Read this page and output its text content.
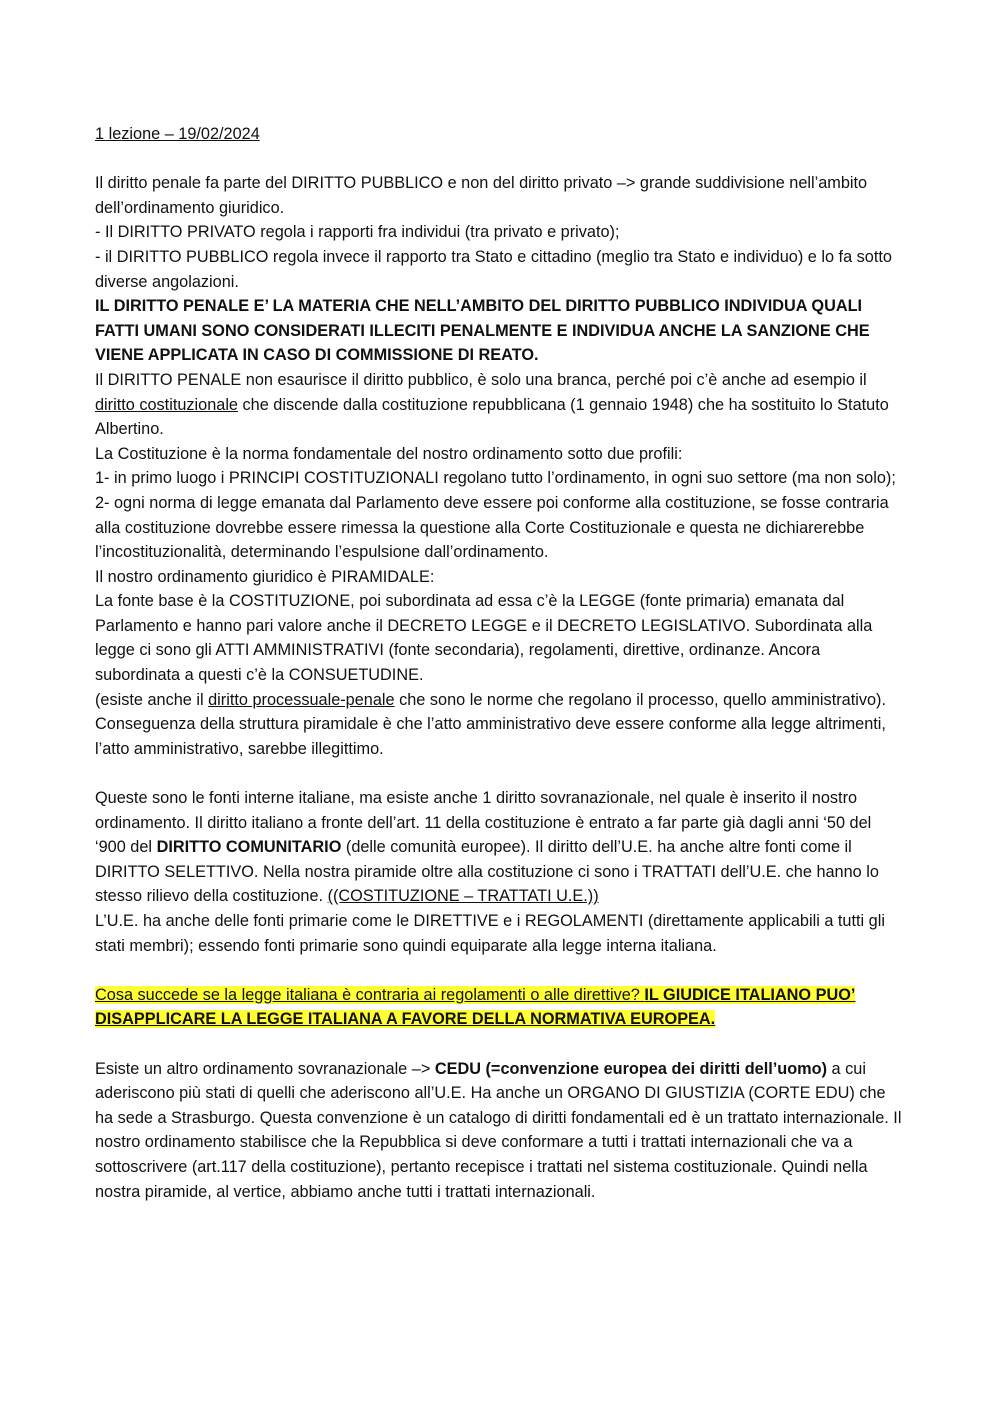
1 lezione – 19/02/2024

Il diritto penale fa parte del DIRITTO PUBBLICO e non del diritto privato –> grande suddivisione nell’ambito dell’ordinamento giuridico.

- Il DIRITTO PRIVATO regola i rapporti fra individui (tra privato e privato);

- il DIRITTO PUBBLICO regola invece il rapporto tra Stato e cittadino (meglio tra Stato e individuo) e lo fa sotto diverse angolazioni.

IL DIRITTO PENALE E’ LA MATERIA CHE NELL’AMBITO DEL DIRITTO PUBBLICO INDIVIDUA QUALI FATTI UMANI SONO CONSIDERATI ILLECITI PENALMENTE E INDIVIDUA ANCHE LA SANZIONE CHE VIENE APPLICATA IN CASO DI COMMISSIONE DI REATO.

Il DIRITTO PENALE non esaurisce il diritto pubblico, è solo una branca, perché poi c’è anche ad esempio il diritto costituzionale che discende dalla costituzione repubblicana (1 gennaio 1948) che ha sostituito lo Statuto Albertino.

La Costituzione è la norma fondamentale del nostro ordinamento sotto due profili:

1- in primo luogo i PRINCIPI COSTITUZIONALI regolano tutto l’ordinamento, in ogni suo settore (ma non solo);

2- ogni norma di legge emanata dal Parlamento deve essere poi conforme alla costituzione, se fosse contraria alla costituzione dovrebbe essere rimessa la questione alla Corte Costituzionale e questa ne dichiarerebbe l’incostituzionalità, determinando l’espulsione dall’ordinamento.

Il nostro ordinamento giuridico è PIRAMIDALE:

La fonte base è la COSTITUZIONE, poi subordinata ad essa c’è la LEGGE (fonte primaria) emanata dal Parlamento e hanno pari valore anche il DECRETO LEGGE e il DECRETO LEGISLATIVO. Subordinata alla legge ci sono gli ATTI AMMINISTRATIVI (fonte secondaria), regolamenti, direttive, ordinanze. Ancora subordinata a questi c’è la CONSUETUDINE.

(esiste anche il diritto processuale-penale che sono le norme che regolano il processo, quello amministrativo).

Conseguenza della struttura piramidale è che l’atto amministrativo deve essere conforme alla legge altrimenti, l’atto amministrativo, sarebbe illegittimo.

Queste sono le fonti interne italiane, ma esiste anche 1 diritto sovranazionale, nel quale è inserito il nostro ordinamento. Il diritto italiano a fronte dell’art. 11 della costituzione è entrato a far parte già dagli anni ‘50 del ‘900 del DIRITTO COMUNITARIO (delle comunità europee). Il diritto dell’U.E. ha anche altre fonti come il DIRITTO SELETTIVO. Nella nostra piramide oltre alla costituzione ci sono i TRATTATI dell’U.E. che hanno lo stesso rilievo della costituzione. ((COSTITUZIONE – TRATTATI U.E.))

L’U.E. ha anche delle fonti primarie come le DIRETTIVE e i REGOLAMENTI (direttamente applicabili a tutti gli stati membri); essendo fonti primarie sono quindi equiparate alla legge interna italiana.

Cosa succede se la legge italiana è contraria ai regolamenti o alle direttive? IL GIUDICE ITALIANO PUO’ DISAPPLICARE LA LEGGE ITALIANA A FAVORE DELLA NORMATIVA EUROPEA.

Esiste un altro ordinamento sovranazionale –> CEDU (=convenzione europea dei diritti dell’uomo) a cui aderiscono più stati di quelli che aderiscono all’U.E. Ha anche un ORGANO DI GIUSTIZIA (CORTE EDU) che ha sede a Strasburgo. Questa convenzione è un catalogo di diritti fondamentali ed è un trattato internazionale. Il nostro ordinamento stabilisce che la Repubblica si deve conformare a tutti i trattati internazionali che va a sottoscrivere (art.117 della costituzione), pertanto recepisce i trattati nel sistema costituzionale. Quindi nella nostra piramide, al vertice, abbiamo anche tutti i trattati internazionali.
